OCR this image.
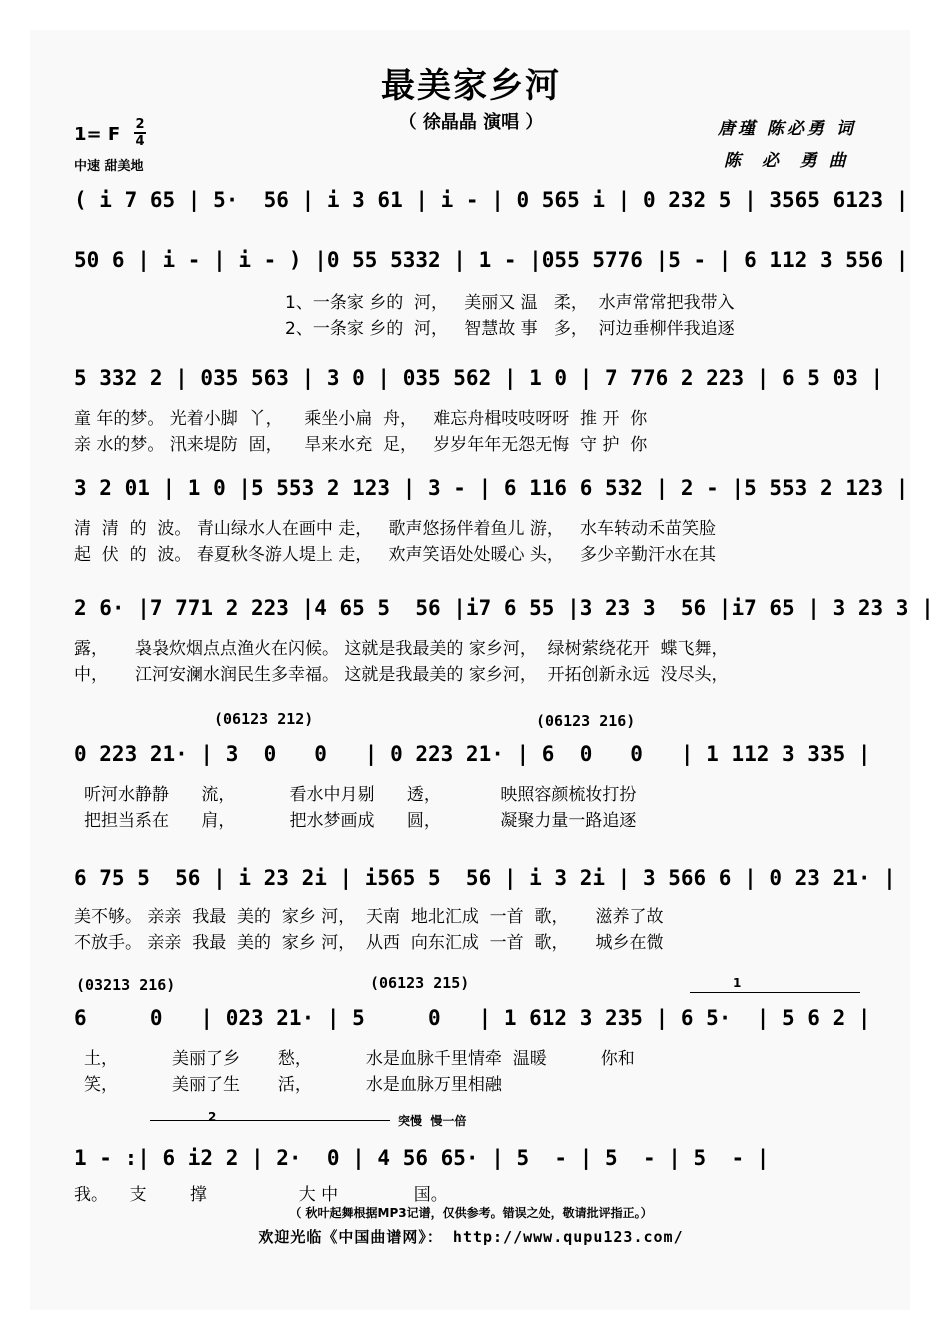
最美家乡河
（ 徐晶晶 演唱 ）	唐瑾 陈必勇 词
陈  必  勇 曲
1= F 2
4
中速 甜美地
( i 7 65 | 5·  56 | i 3 61 | i - | 0 565 i | 0 232 5 | 3565 6123 |
50 6 | i - | i - ) |0 55 5332 | 1 - |055 5776 |5 - | 6 112 3 556 |
1、一条家 乡的  河，   美丽又 温   柔，  水声常常把我带入
2、一条家 乡的  河，   智慧故 事   多，  河边垂柳伴我追逐
5 332 2 | 035 563 | 3 0 | 035 562 | 1 0 | 7 776 2 223 | 6 5 03 |
童 年的梦。 光着小脚  丫，    乘坐小扁  舟，   难忘舟楫吱吱呀呀  推 开  你
亲 水的梦。 汛来堤防  固，    旱来水充  足，   岁岁年年无怨无悔  守 护  你
3 2 01 | 1 0 |5 553 2 123 | 3 - | 6 116 6 532 | 2 - |5 553 2 123 |
清  清  的  波。 青山绿水人在画中 走，   歌声悠扬伴着鱼儿 游，   水车转动禾苗笑脸
起  伏  的  波。 春夏秋冬游人堤上 走，   欢声笑语处处暖心 头，   多少辛勤汗水在其
2 6· |7 771 2 223 |4 65 5  56 |i7 6 55 |3 23 3  56 |i7 65 | 3 23 3 |
露，     袅袅炊烟点点渔火在闪候。 这就是我最美的 家乡河，  绿树萦绕花开  蝶飞舞，
中，     江河安澜水润民生多幸福。 这就是我最美的 家乡河，  开拓创新永远  没尽头，
(06123 212)	(06123 216)
0 223 21· | 3  0   0   | 0 223 21· | 6  0   0   | 1 112 3 335 |
听河水静静      流，          看水中月剔      透，           映照容颜梳妆打扮
把担当系在      肩，          把水梦画成      圆，           凝聚力量一路追逐
6 75 5  56 | i 23 2i | i565 5  56 | i 3 2i | 3 566 6 | 0 23 21· |
美不够。 亲亲  我最  美的  家乡 河，  天南  地北汇成  一首  歌，     滋养了故
不放手。 亲亲  我最  美的  家乡 河，  从西  向东汇成  一首  歌，     城乡在微
(03213 216)	(06123 215)	1
6     0   | 023 21· | 5     0   | 1 612 3 235 | 6 5·  | 5 6 2 |
土，          美丽了乡       愁，          水是血脉千里情牵  温暖          你和
笑，          美丽了生       活，          水是血脉万里相融
2	突慢  慢一倍
1 - :| 6 i2 2 | 2·  0 | 4 56 65· | 5  - | 5  - | 5  - |
我。    支        撑                 大 中              国。
（ 秋叶起舞根据MP3记谱，仅供参考。错误之处，敬请批评指正。）
欢迎光临《中国曲谱网》： http://www.qupu123.com/
